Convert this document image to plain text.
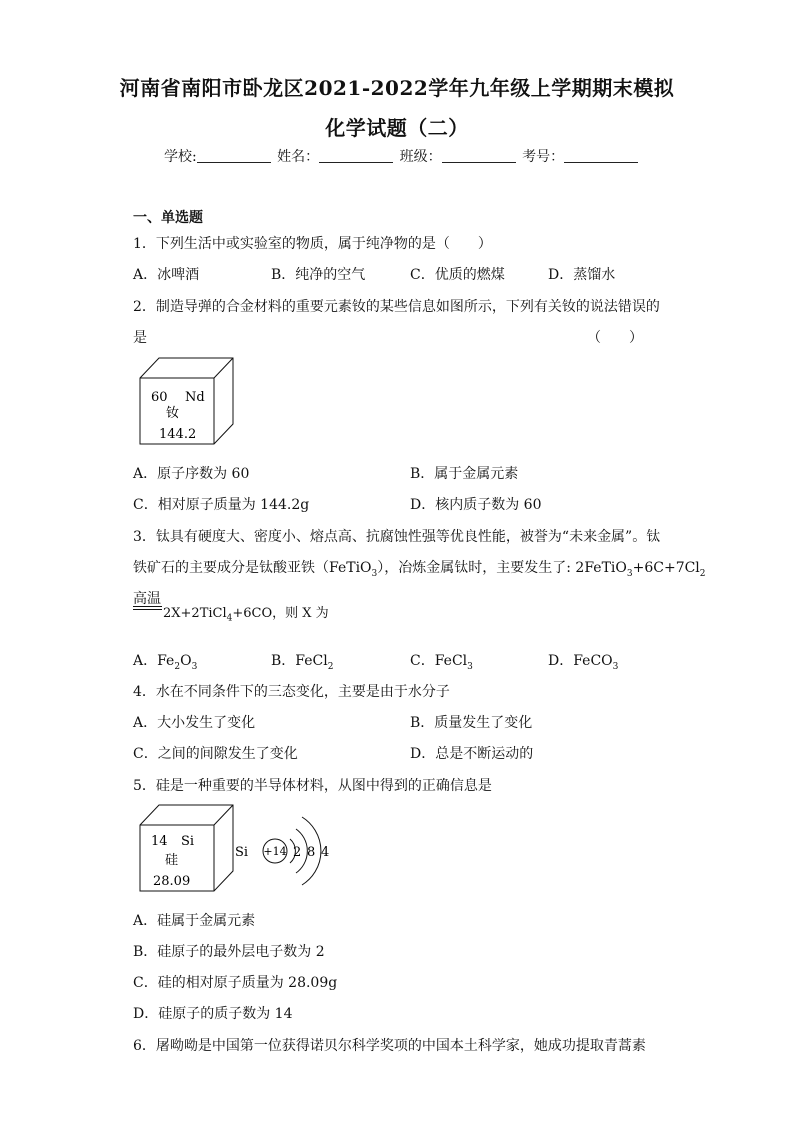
河南省南阳市卧龙区2021-2022学年九年级上学期期末模拟
化学试题（二）
学校:	姓名：	班级：	考号：
一、单选题
1．下列生活中或实验室的物质，属于纯净物的是（　　）
A．冰啤酒	B．纯净的空气	C．优质的燃煤	D．蒸馏水
2．制造导弹的合金材料的重要元素钕的某些信息如图所示，下列有关钕的说法错误的
是	（　　）
60 Nd
钕
144.2
A．原子序数为 60	B．属于金属元素
C．相对原子质量为 144.2g	D．核内质子数为 60
3．钛具有硬度大、密度小、熔点高、抗腐蚀性强等优良性能，被誉为“未来金属”。钛
铁矿石的主要成分是钛酸亚铁（FeTiO$_3$），冶炼金属钛时，主要发生了: $2FeTiO_3+6C+7Cl_2$
高温
2X+2TiCl$_4$+6CO，则 X 为
A．$Fe_2O_3$	B．FeCl$_2$	C．FeCl$_3$	D．FeCO$_3$
4．水在不同条件下的三态变化，主要是由于水分子
A．大小发生了变化	B．质量发生了变化
C．之间的间隙发生了变化	D．总是不断运动的
5．硅是一种重要的半导体材料，从图中得到的正确信息是
14 Si
硅
28.09
Si +14 2 8 4
A．硅属于金属元素
B．硅原子的最外层电子数为 2
C．硅的相对原子质量为 28.09g
D．硅原子的质子数为 14
6．屠呦呦是中国第一位获得诺贝尔科学奖项的中国本土科学家，她成功提取青蒿素
